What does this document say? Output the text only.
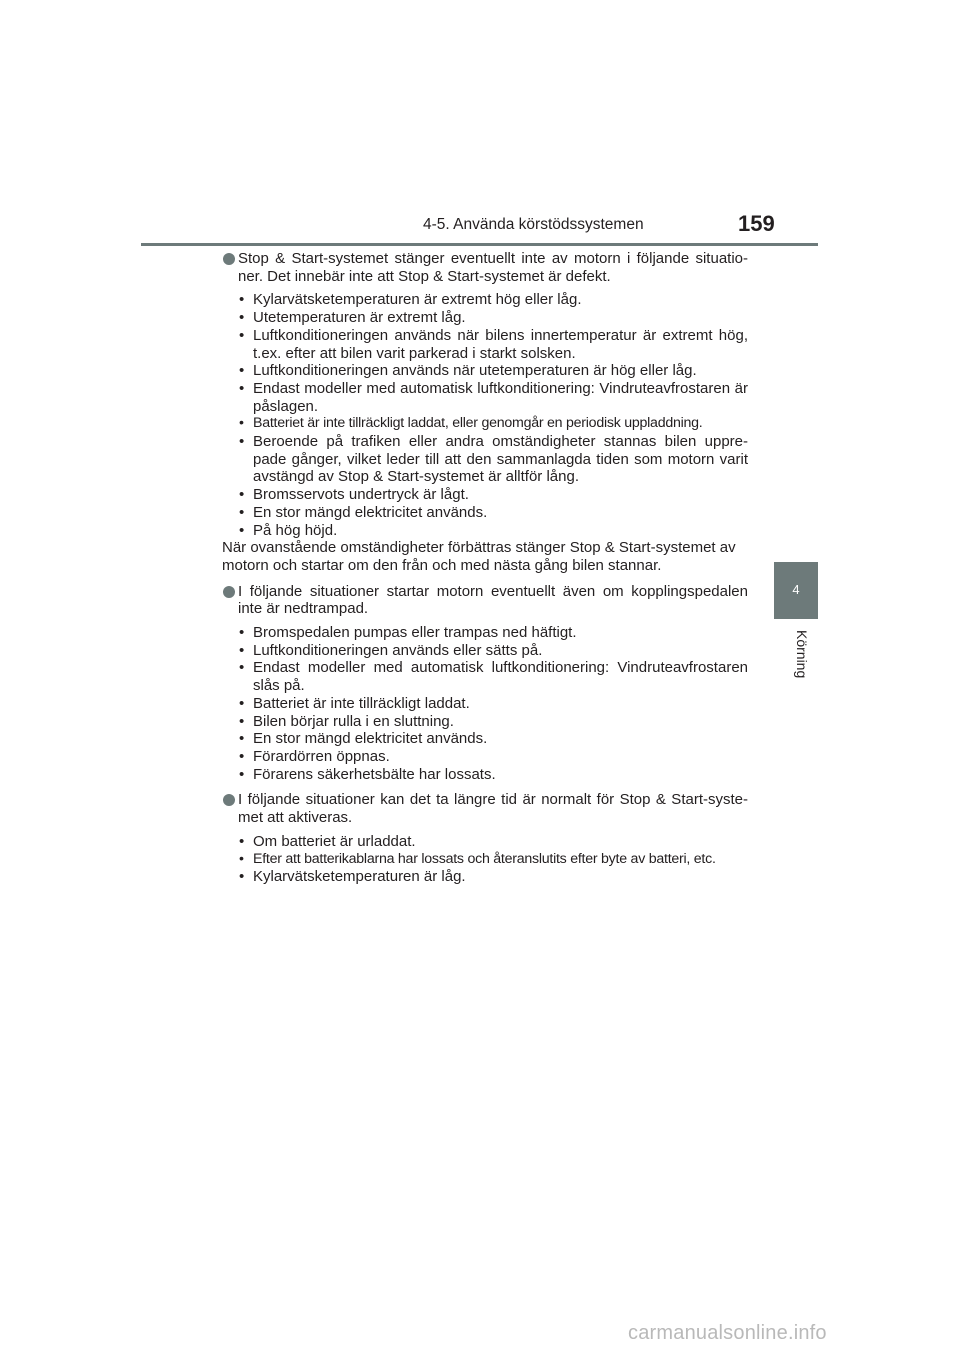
4-5. Använda körstödssystemen	159
4
Körning
Stop & Start-systemet stänger eventuellt inte av motorn i följande situatio-ner. Det innebär inte att Stop & Start-systemet är defekt.
• Kylarvätsketemperaturen är extremt hög eller låg.
• Utetemperaturen är extremt låg.
• Luftkonditioneringen används när bilens innertemperatur är extremt hög, t.ex. efter att bilen varit parkerad i starkt solsken.
• Luftkonditioneringen används när utetemperaturen är hög eller låg.
• Endast modeller med automatisk luftkonditionering: Vindruteavfrostaren är påslagen.
• Batteriet är inte tillräckligt laddat, eller genomgår en periodisk uppladdning.
• Beroende på trafiken eller andra omständigheter stannas bilen uppre-pade gånger, vilket leder till att den sammanlagda tiden som motorn varit avstängd av Stop & Start-systemet är alltför lång.
• Bromsservots undertryck är lågt.
• En stor mängd elektricitet används.
• På hög höjd.

När ovanstående omständigheter förbättras stänger Stop & Start-systemet av motorn och startar om den från och med nästa gång bilen stannar.

I följande situationer startar motorn eventuellt även om kopplingspedalen inte är nedtrampad.
• Bromspedalen pumpas eller trampas ned häftigt.
• Luftkonditioneringen används eller sätts på.
• Endast modeller med automatisk luftkonditionering: Vindruteavfrostaren slås på.
• Batteriet är inte tillräckligt laddat.
• Bilen börjar rulla i en sluttning.
• En stor mängd elektricitet används.
• Förardörren öppnas.
• Förarens säkerhetsbälte har lossats.
I följande situationer kan det ta längre tid är normalt för Stop & Start-syste-met att aktiveras.
• Om batteriet är urladdat.
• Efter att batterikablarna har lossats och återanslutits efter byte av batteri, etc.
• Kylarvätsketemperaturen är låg.
carmanualsonline.info
